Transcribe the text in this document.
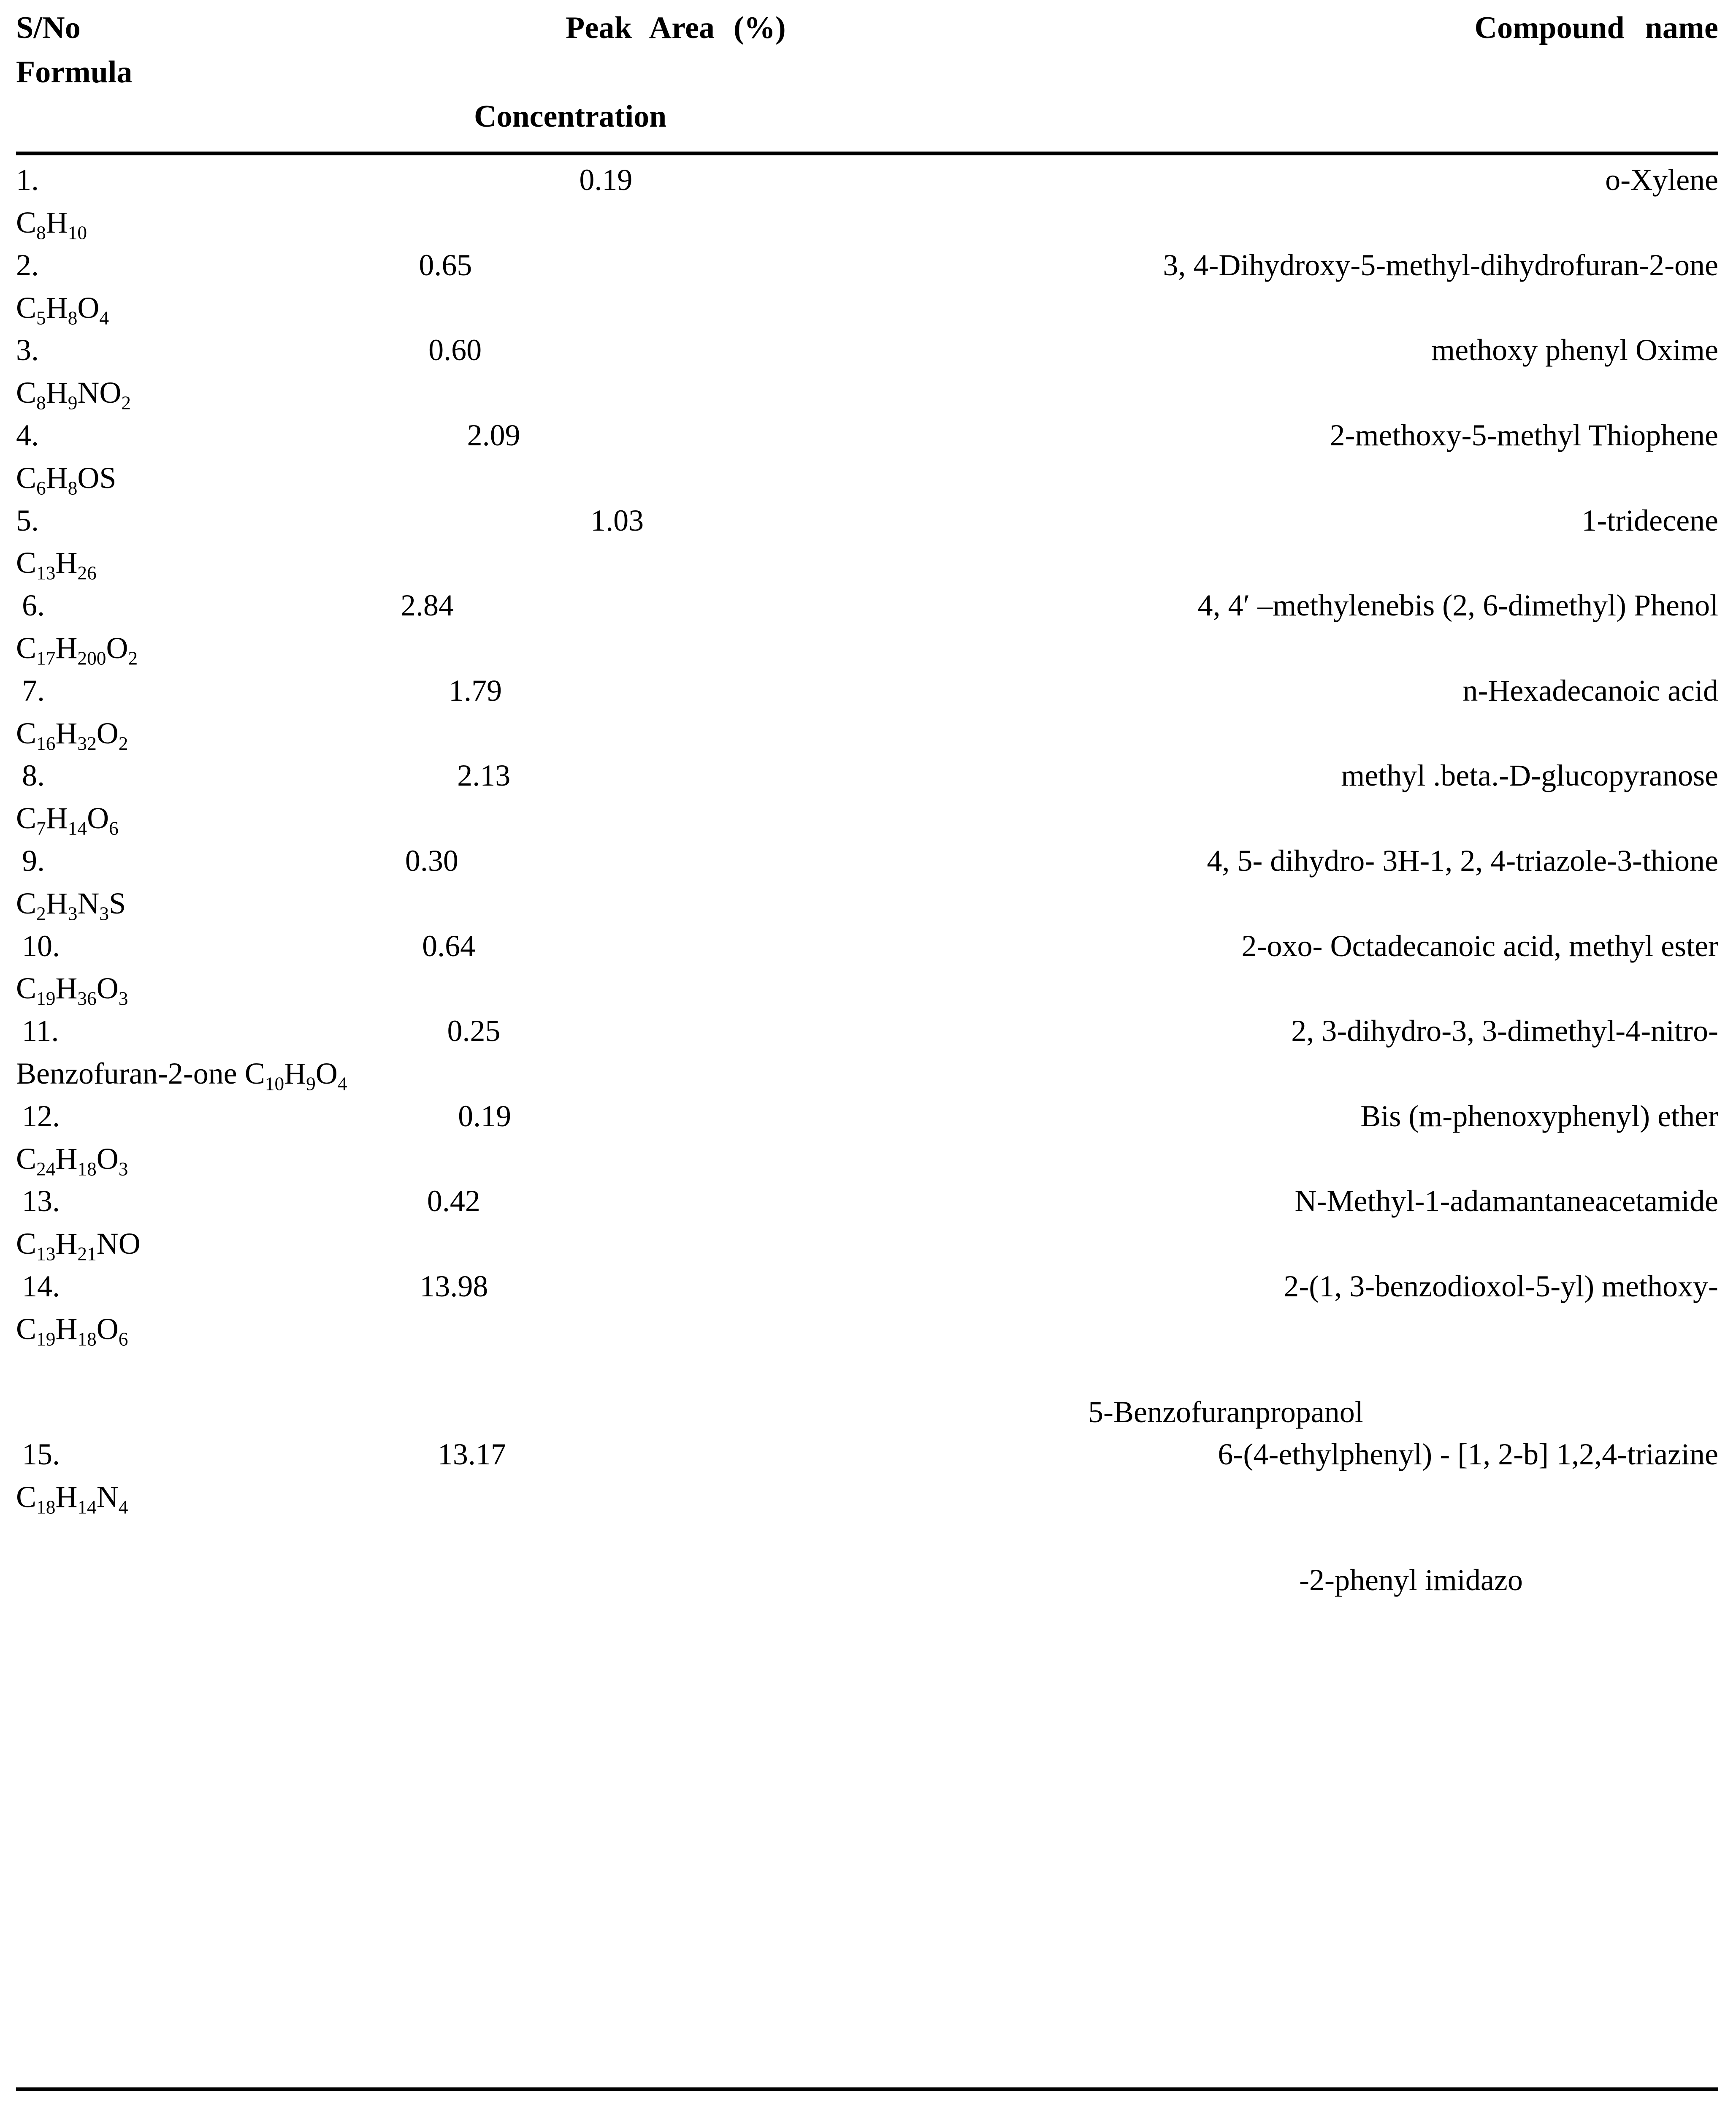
S/No	Peak Area (%)	Compound name
Formula
Concentration
1.	0.19	o-Xylene
$C_8H_{10}$
2.	0.65	3, 4-Dihydroxy-5-methyl-dihydrofuran-2-one
$C_5H_8O_4$
3.	0.60	methoxy phenyl Oxime
$C_8H_9NO_2$
4.	2.09	2-methoxy-5-methyl Thiophene
$C_6H_8OS$
5.	1.03	1-tridecene
$C_{13}H_{26}$
6.	2.84	4, 4′ –methylenebis (2, 6-dimethyl) Phenol
$C_{17}H_{200}O_2$
7.	1.79	n-Hexadecanoic acid
$C_{16}H_{32}O_2$
8.	2.13	methyl .beta.-D-glucopyranose
$C_7H_{14}O_6$
9.	0.30	4, 5- dihydro- 3H-1, 2, 4-triazole-3-thione
$C_2H_3N_3S$
10.	0.64	2-oxo- Octadecanoic acid, methyl ester
$C_{19}H_{36}O_3$
11.	0.25	2, 3-dihydro-3, 3-dimethyl-4-nitro-
Benzofuran-2-one $C_{10}H_9O_4$
12.	0.19	Bis (m-phenoxyphenyl) ether
$C_{24}H_{18}O_3$
13.	0.42	N-Methyl-1-adamantaneacetamide
$C_{13}H_{21}NO$
14.	13.98	2-(1, 3-benzodioxol-5-yl) methoxy-
$C_{19}H_{18}O_6$
5-Benzofuranpropanol
15.	13.17	6-(4-ethylphenyl) - [1, 2-b] 1,2,4-triazine
$C_{18}H_{14}N_4$
-2-phenyl imidazo
